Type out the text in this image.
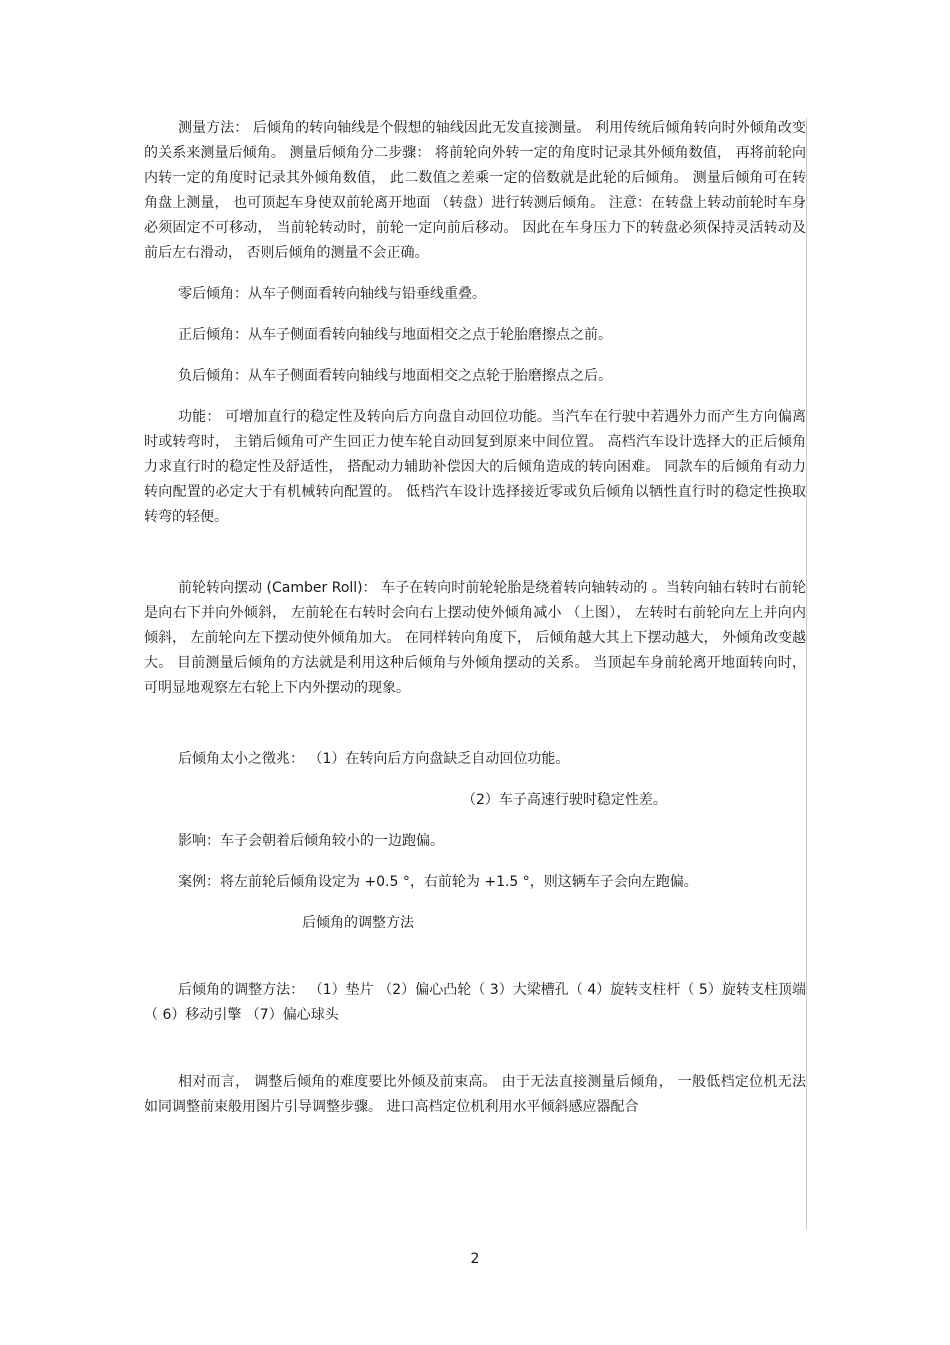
测量方法： 后倾角的转向轴线是个假想的轴线因此无发直接测量。 利用传统后倾角转向时外倾角改变的关系来测量后倾角。 测量后倾角分二步骤： 将前轮向外转一定的角度时记录其外倾角数值， 再将前轮向内转一定的角度时记录其外倾角数值， 此二数值之差乘一定的倍数就是此轮的后倾角。 测量后倾角可在转角盘上测量， 也可顶起车身使双前轮离开地面 （转盘）进行转测后倾角。 注意：在转盘上转动前轮时车身必须固定不可移动， 当前轮转动时，前轮一定向前后移动。 因此在车身压力下的转盘必须保持灵活转动及前后左右滑动， 否则后倾角的测量不会正确。

零后倾角：从车子侧面看转向轴线与铅垂线重叠。

正后倾角：从车子侧面看转向轴线与地面相交之点于轮胎磨擦点之前。

负后倾角：从车子侧面看转向轴线与地面相交之点轮于胎磨擦点之后。

功能： 可增加直行的稳定性及转向后方向盘自动回位功能。当汽车在行驶中若遇外力而产生方向偏离时或转弯时， 主销后倾角可产生回正力使车轮自动回复到原来中间位置。 高档汽车设计选择大的正后倾角力求直行时的稳定性及舒适性， 搭配动力辅助补偿因大的后倾角造成的转向困难。 同款车的后倾角有动力转向配置的必定大于有机械转向配置的。 低档汽车设计选择接近零或负后倾角以牺性直行时的稳定性换取转弯的轻便。

前轮转向摆动 (Camber Roll)： 车子在转向时前轮轮胎是绕着转向轴转动的 。当转向轴右转时右前轮是向右下并向外倾斜， 左前轮在右转时会向右上摆动使外倾角减小 （上图）， 左转时右前轮向左上并向内倾斜， 左前轮向左下摆动使外倾角加大。 在同样转向角度下， 后倾角越大其上下摆动越大， 外倾角改变越大。 目前测量后倾角的方法就是利用这种后倾角与外倾角摆动的关系。 当顶起车身前轮离开地面转向时， 可明显地观察左右轮上下内外摆动的现象。

后倾角太小之徵兆： （1）在转向后方向盘缺乏自动回位功能。

（2）车子高速行驶时稳定性差。

影响：车子会朝着后倾角较小的一边跑偏。

案例：将左前轮后倾角设定为 +0.5 °，右前轮为 +1.5 °，则这辆车子会向左跑偏。

后倾角的调整方法

后倾角的调整方法： （1）垫片 （2）偏心凸轮（ 3）大梁槽孔（ 4）旋转支柱杆（ 5）旋转支柱顶端（ 6）移动引擎 （7）偏心球头

相对而言， 调整后倾角的难度要比外倾及前束高。 由于无法直接测量后倾角， 一般低档定位机无法如同调整前束般用图片引导调整步骤。 进口高档定位机利用水平倾斜感应器配合

2
